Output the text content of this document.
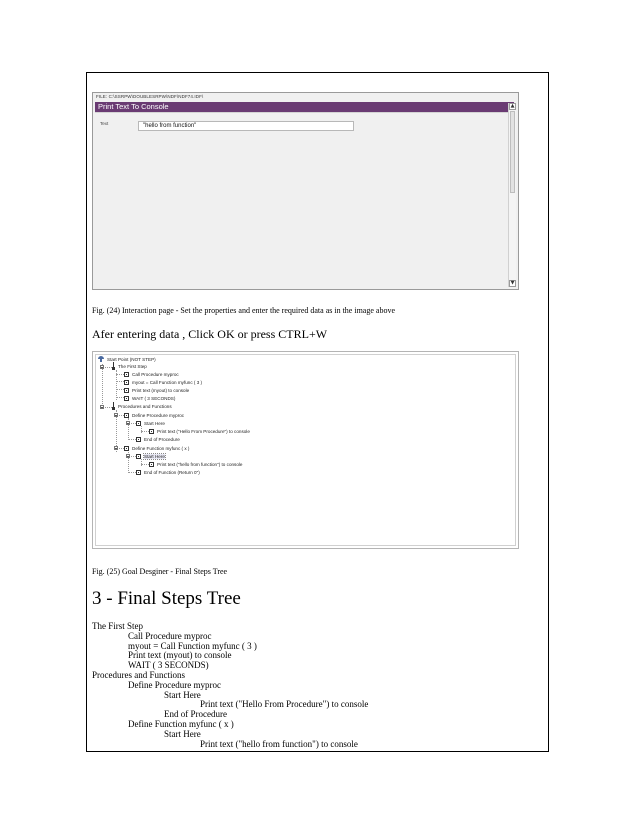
FILE: C:\SSRPW\DOUBLESRPW\NDF\NDF74.IDF\
Print Text To Console
Text	"hello from function"
▲
▼
Fig. (24) Interaction page - Set the properties and enter the required data as in the image above
Afer entering data , Click OK or press CTRL+W
Start Point (NOT STEP)
The First Step
Call Procedure myproc
myout = Call Function myfunc ( 3 )
Print text (myout) to console
WAIT ( 3 SECONDS)
Procedures and Functions
Define Procedure myproc
Start Here
Print text ("Hello From Procedure") to console
End of Procedure
Define Function myfunc ( x )
Start Here
Print text ("hello from function") to console
End of Function (Return 0")
Fig. (25) Goal Desginer - Final Steps Tree
3 - Final Steps Tree
The First Step
Call Procedure myproc
myout = Call Function myfunc ( 3 )
Print text (myout) to console
WAIT ( 3 SECONDS)
Procedures and Functions
Define Procedure myproc
Start Here
Print text ("Hello From Procedure") to console
End of Procedure
Define Function myfunc ( x )
Start Here
Print text ("hello from function") to console
